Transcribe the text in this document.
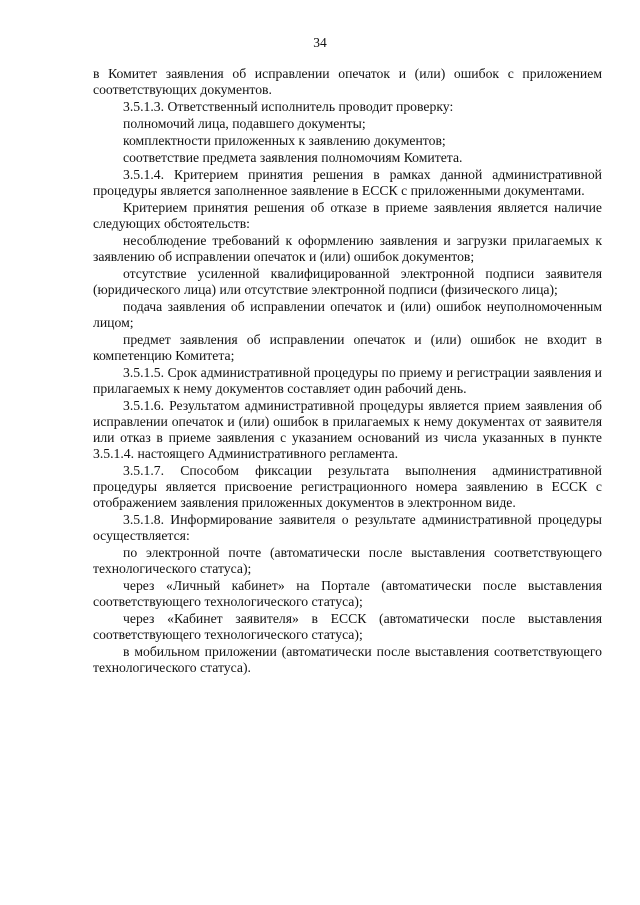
34

в Комитет заявления об исправлении опечаток и (или) ошибок с приложением соответствующих документов.

3.5.1.3. Ответственный исполнитель проводит проверку:

полномочий лица, подавшего документы;

комплектности приложенных к заявлению документов;

соответствие предмета заявления полномочиям Комитета.

3.5.1.4. Критерием принятия решения в рамках данной административной процедуры является заполненное заявление в ЕССК с приложенными документами.

Критерием принятия решения об отказе в приеме заявления является наличие следующих обстоятельств:

несоблюдение требований к оформлению заявления и загрузки прилагаемых к заявлению об исправлении опечаток и (или) ошибок документов;

отсутствие усиленной квалифицированной электронной подписи заявителя (юридического лица) или отсутствие электронной подписи (физического лица);

подача заявления об исправлении опечаток и (или) ошибок неуполномоченным лицом;

предмет заявления об исправлении опечаток и (или) ошибок не входит в компетенцию Комитета;

3.5.1.5. Срок административной процедуры по приему и регистрации заявления и прилагаемых к нему документов составляет один рабочий день.

3.5.1.6. Результатом административной процедуры является прием заявления об исправлении опечаток и (или) ошибок в прилагаемых к нему документах от заявителя или отказ в приеме заявления с указанием оснований из числа указанных в пункте 3.5.1.4. настоящего Административного регламента.

3.5.1.7. Способом фиксации результата выполнения административной процедуры является присвоение регистрационного номера заявлению в ЕССК с отображением заявления приложенных документов в электронном виде.

3.5.1.8. Информирование заявителя о результате административной процедуры осуществляется:

по электронной почте (автоматически после выставления соответствующего технологического статуса);

через «Личный кабинет» на Портале (автоматически после выставления соответствующего технологического статуса);

через «Кабинет заявителя» в ЕССК (автоматически после выставления соответствующего технологического статуса);

в мобильном приложении (автоматически после выставления соответствующего технологического статуса).
